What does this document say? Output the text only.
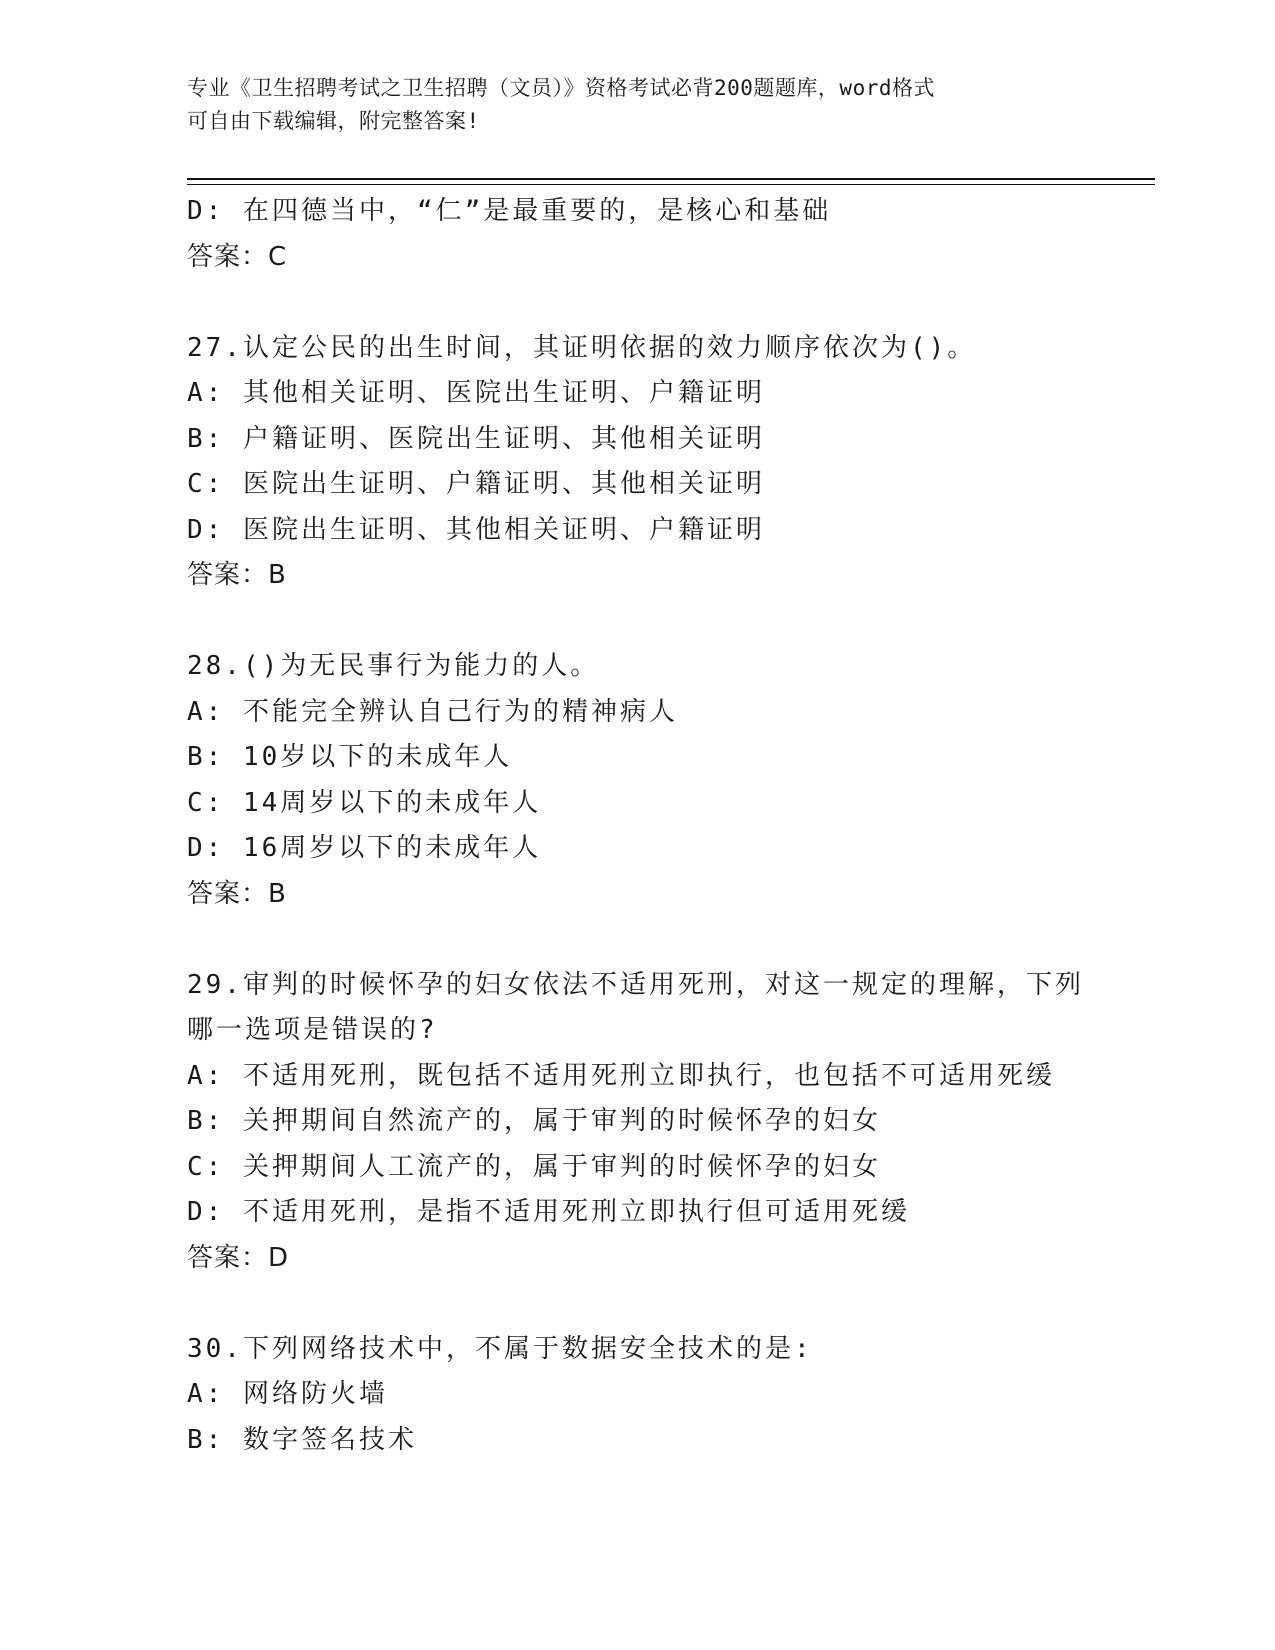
专业《卫生招聘考试之卫生招聘（文员）》资格考试必背200题题库，word格式
可自由下载编辑，附完整答案!
D: 在四德当中，“仁”是最重要的，是核心和基础
答案：C
27.认定公民的出生时间，其证明依据的效力顺序依次为()。
A: 其他相关证明、医院出生证明、户籍证明
B: 户籍证明、医院出生证明、其他相关证明
C: 医院出生证明、户籍证明、其他相关证明
D: 医院出生证明、其他相关证明、户籍证明
答案：B
28.()为无民事行为能力的人。
A: 不能完全辨认自己行为的精神病人
B: 10岁以下的未成年人
C: 14周岁以下的未成年人
D: 16周岁以下的未成年人
答案：B
29.审判的时候怀孕的妇女依法不适用死刑，对这一规定的理解，下列
哪一选项是错误的?
A: 不适用死刑，既包括不适用死刑立即执行，也包括不可适用死缓
B: 关押期间自然流产的，属于审判的时候怀孕的妇女
C: 关押期间人工流产的，属于审判的时候怀孕的妇女
D: 不适用死刑，是指不适用死刑立即执行但可适用死缓
答案：D
30.下列网络技术中，不属于数据安全技术的是:
A: 网络防火墙
B: 数字签名技术
